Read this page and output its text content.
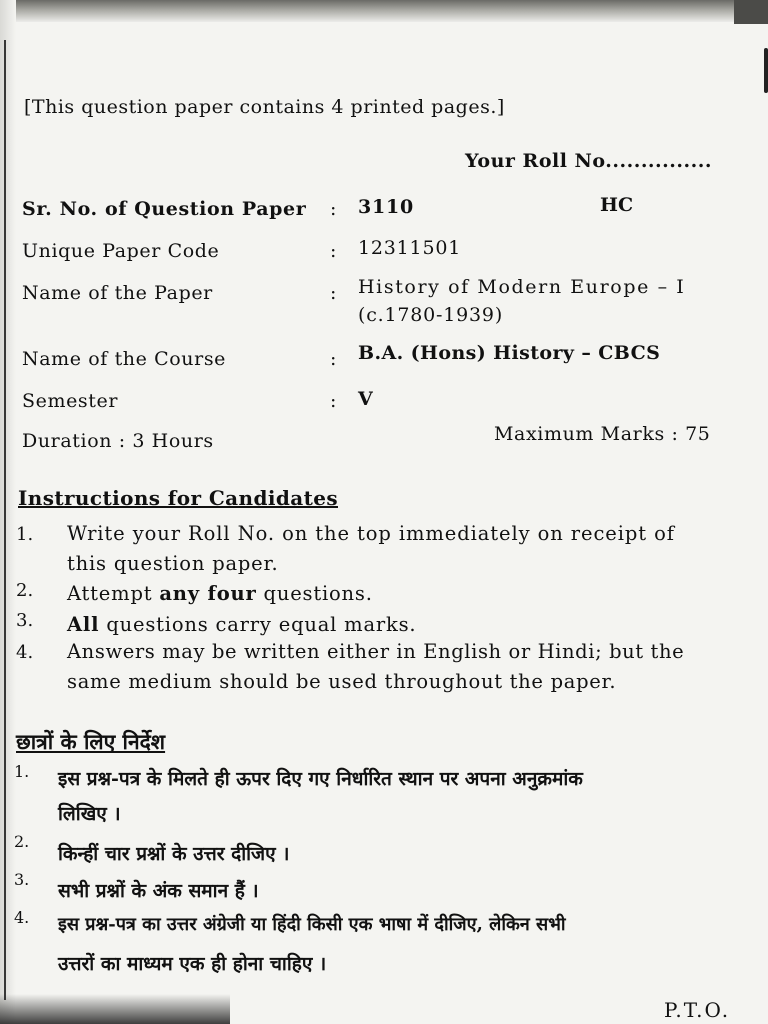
[This question paper contains 4 printed pages.]
Your Roll No...............
HC
Sr. No. of Question Paper : 3110
Unique Paper Code	: 12311501
Name of the Paper	: History of Modern Europe – I
(c.1780-1939)
Name of the Course	: B.A. (Hons) History – CBCS
Semester	: V
Duration : 3 Hours	Maximum Marks : 75
Instructions for Candidates
1. Write your Roll No. on the top immediately on receipt of
this question paper.
2. Attempt any four questions.
3. All questions carry equal marks.
4. Answers may be written either in English or Hindi; but the
same medium should be used throughout the paper.
छात्रों के लिए निर्देश
1. इस प्रश्न-पत्र के मिलते ही ऊपर दिए गए निर्धारित स्थान पर अपना अनुक्रमांक
लिखिए ।
2.
किन्हीं चार प्रश्नों के उत्तर दीजिए ।
3.
सभी प्रश्नों के अंक समान हैं ।
4. इस प्रश्न-पत्र का उत्तर अंग्रेजी या हिंदी किसी एक भाषा में दीजिए, लेकिन सभी
उत्तरों का माध्यम एक ही होना चाहिए ।
P.T.O.
